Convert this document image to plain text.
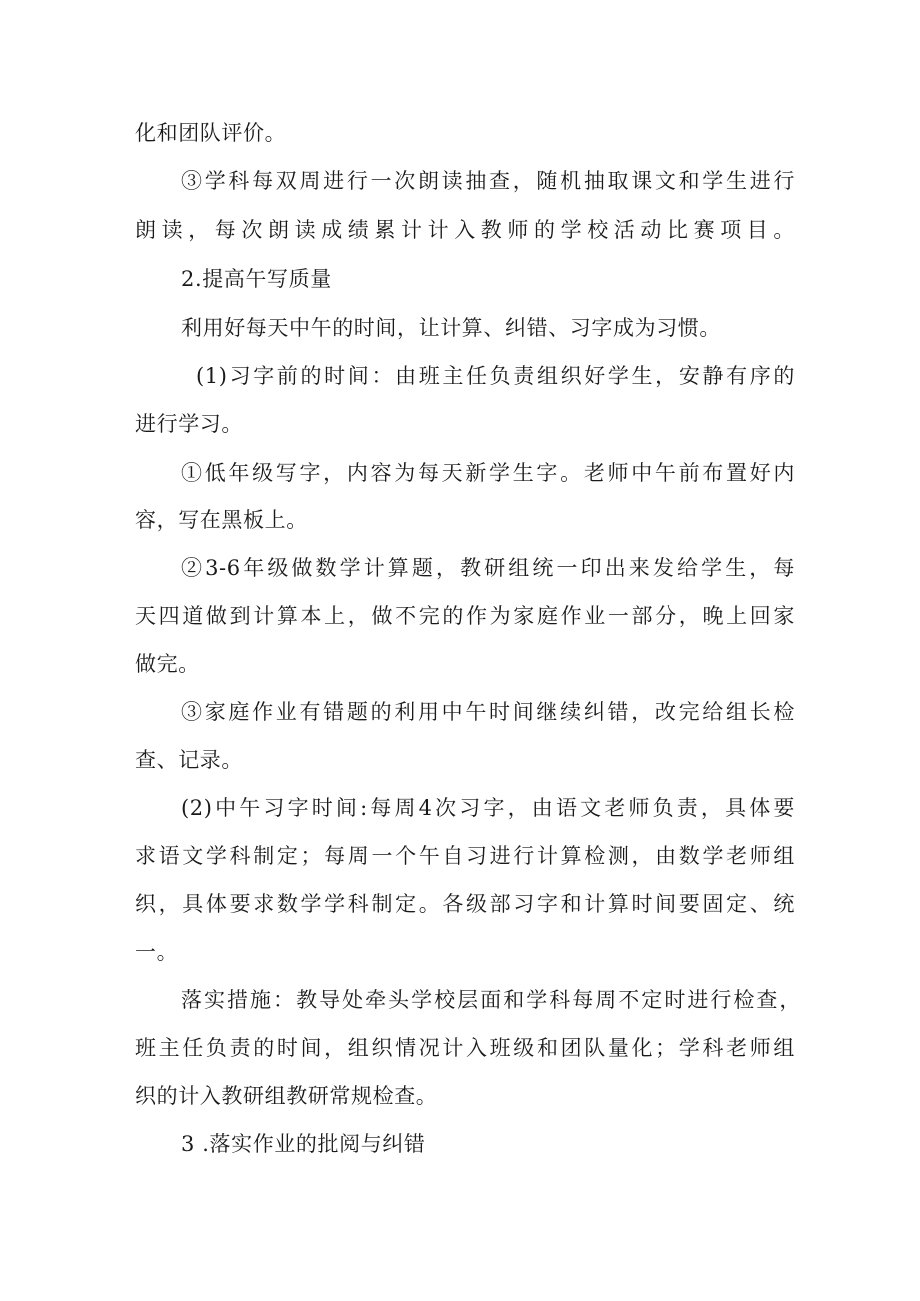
化和团队评价。
③学科每双周进行一次朗读抽查，随机抽取课文和学生进行
朗读，每次朗读成绩累计计入教师的学校活动比赛项目。
2.提高午写质量
利用好每天中午的时间，让计算、纠错、习字成为习惯。
(1)习字前的时间：由班主任负责组织好学生，安静有序的
进行学习。
①低年级写字，内容为每天新学生字。老师中午前布置好内
容，写在黑板上。
②3-6年级做数学计算题，教研组统一印出来发给学生，每
天四道做到计算本上，做不完的作为家庭作业一部分，晚上回家
做完。
③家庭作业有错题的利用中午时间继续纠错，改完给组长检
查、记录。
(2)中午习字时间:每周4次习字，由语文老师负责，具体要
求语文学科制定；每周一个午自习进行计算检测，由数学老师组
织，具体要求数学学科制定。各级部习字和计算时间要固定、统
一。
落实措施：教导处牵头学校层面和学科每周不定时进行检查，
班主任负责的时间，组织情况计入班级和团队量化；学科老师组
织的计入教研组教研常规检查。
3 .落实作业的批阅与纠错
